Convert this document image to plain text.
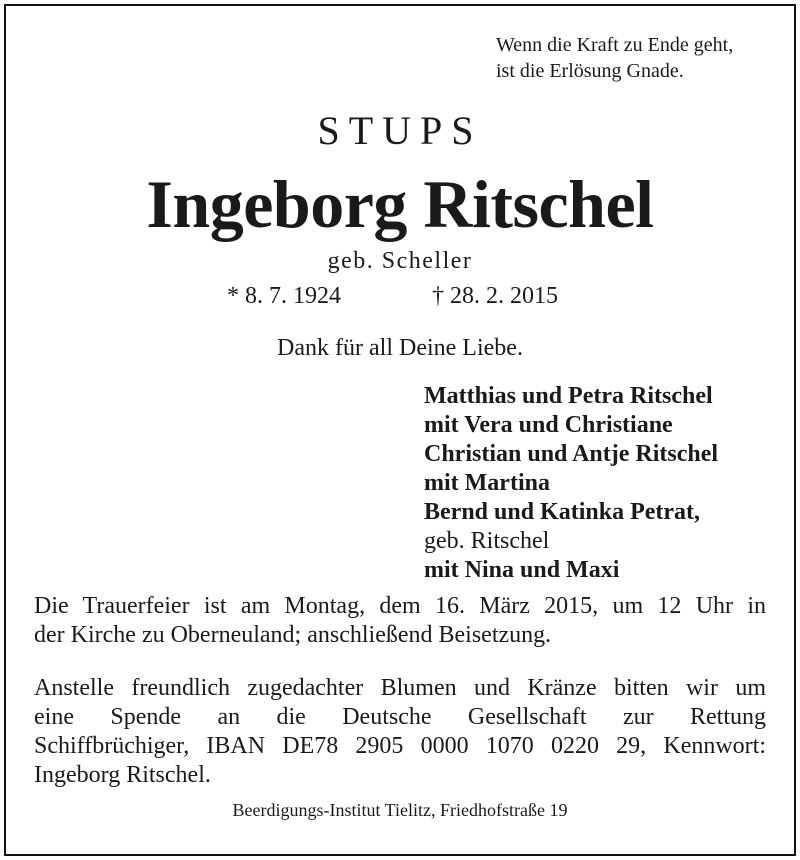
Wenn die Kraft zu Ende geht,
ist die Erlösung Gnade.
STUPS
Ingeborg Ritschel
geb. Scheller
* 8. 7. 1924	† 28. 2. 2015
Dank für all Deine Liebe.
Matthias und Petra Ritschel
mit Vera und Christiane
Christian und Antje Ritschel
mit Martina
Bernd und Katinka Petrat,
geb. Ritschel
mit Nina und Maxi
Die Trauerfeier ist am Montag, dem 16. März 2015, um 12 Uhr in
der Kirche zu Oberneuland; anschließend Beisetzung.
Anstelle freundlich zugedachter Blumen und Kränze bitten wir um
eine Spende an die Deutsche Gesellschaft zur Rettung
Schiffbrüchiger, IBAN DE78 2905 0000 1070 0220 29, Kennwort:
Ingeborg Ritschel.
Beerdigungs-Institut Tielitz, Friedhofstraße 19
